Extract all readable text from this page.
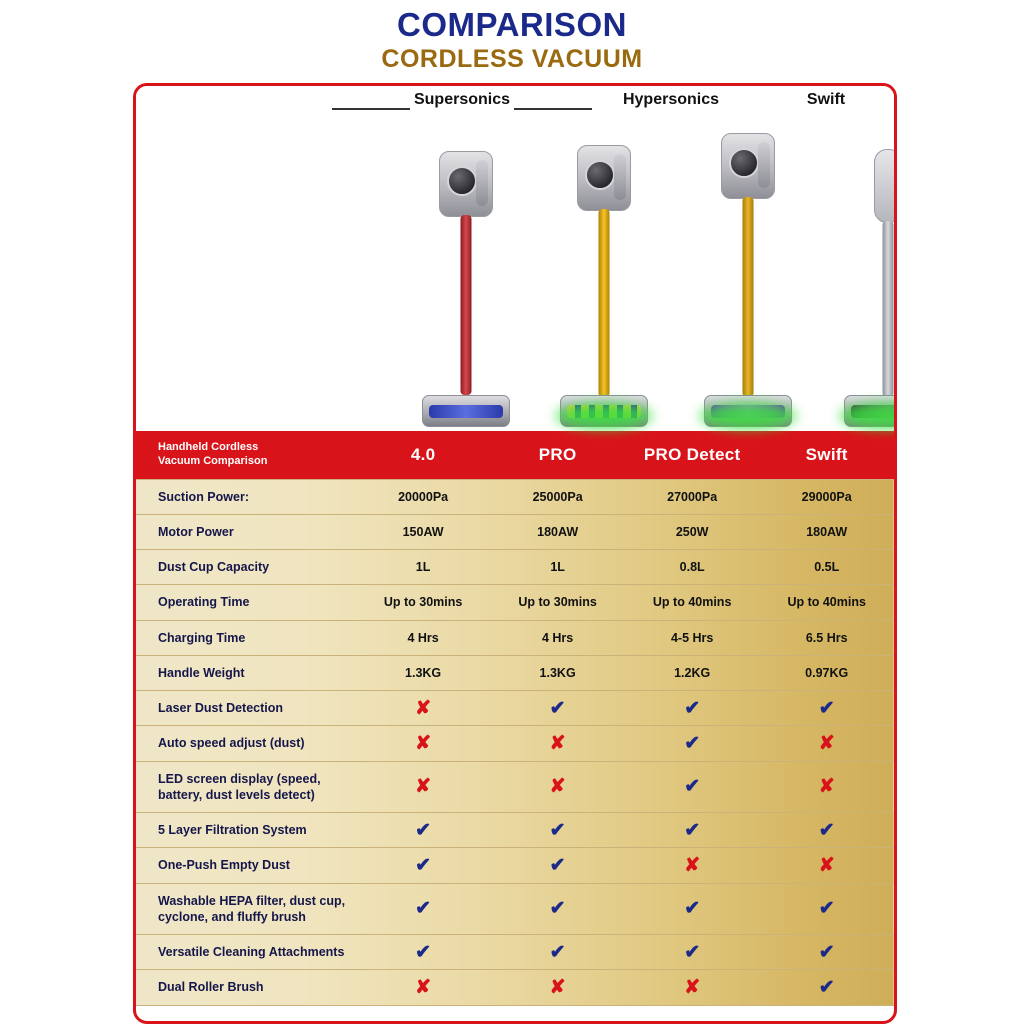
COMPARISON
CORDLESS VACUUM
Supersonics	Hypersonics	Swift
Handheld Cordless
Vacuum Comparison	4.0	PRO	PRO Detect	Swift
Suction Power:	20000Pa	25000Pa	27000Pa	29000Pa
Motor Power	150AW	180AW	250W	180AW
Dust Cup Capacity	1L	1L	0.8L	0.5L
Operating Time	Up to 30mins	Up to 30mins	Up to 40mins	Up to 40mins
Charging Time	4 Hrs	4 Hrs	4-5 Hrs	6.5 Hrs
Handle Weight	1.3KG	1.3KG	1.2KG	0.97KG
Laser Dust Detection	✘	✔	✔	✔
Auto speed adjust (dust)	✘	✘	✔	✘
LED screen display (speed, battery, dust levels detect)	✘	✘	✔	✘
5 Layer Filtration System	✔	✔	✔	✔
One-Push Empty Dust	✔	✔	✘	✘
Washable HEPA filter, dust cup, cyclone, and fluffy brush	✔	✔	✔	✔
Versatile Cleaning Attachments	✔	✔	✔	✔
Dual Roller Brush	✘	✘	✘	✔
